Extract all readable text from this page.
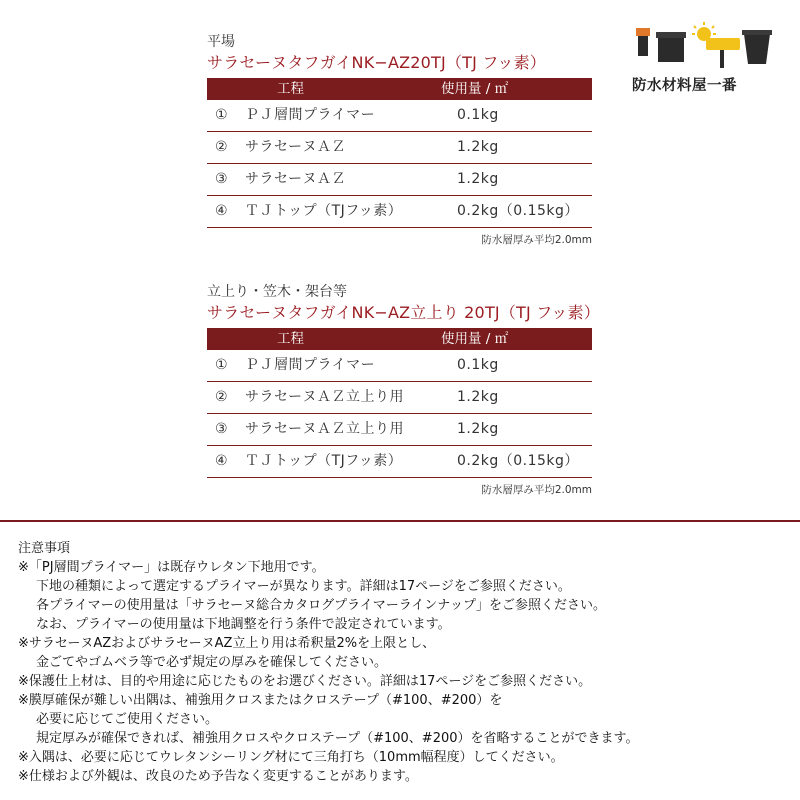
防水材料屋一番
平場
サラセーヌタフガイNK−AZ20TJ（TJ フッ素）
工程	使用量 / ㎡
① ＰＪ層間プライマー	0.1kg
② サラセーヌＡＺ	1.2kg
③ サラセーヌＡＺ	1.2kg
④ ＴＪトップ（TJフッ素）	0.2kg（0.15kg）
防水層厚み平均2.0mm
立上り・笠木・架台等
サラセーヌタフガイNK−AZ立上り 20TJ（TJ フッ素）
工程	使用量 / ㎡
① ＰＪ層間プライマー	0.1kg
② サラセーヌＡＺ立上り用	1.2kg
③ サラセーヌＡＺ立上り用	1.2kg
④ ＴＪトップ（TJフッ素）	0.2kg（0.15kg）
防水層厚み平均2.0mm
注意事項
※「PJ層間プライマー」は既存ウレタン下地用です。
下地の種類によって選定するプライマーが異なります。詳細は17ページをご参照ください。
各プライマーの使用量は「サラセーヌ総合カタログプライマーラインナップ」をご参照ください。
なお、プライマーの使用量は下地調整を行う条件で設定されています。
※サラセーヌAZおよびサラセーヌAZ立上り用は希釈量2%を上限とし、
金ごてやゴムベラ等で必ず規定の厚みを確保してください。
※保護仕上材は、目的や用途に応じたものをお選びください。詳細は17ページをご参照ください。
※膜厚確保が難しい出隅は、補強用クロスまたはクロステープ（#100、#200）を
必要に応じてご使用ください。
規定厚みが確保できれば、補強用クロスやクロステープ（#100、#200）を省略することができます。
※入隅は、必要に応じてウレタンシーリング材にて三角打ち（10mm幅程度）してください。
※仕様および外観は、改良のため予告なく変更することがあります。
